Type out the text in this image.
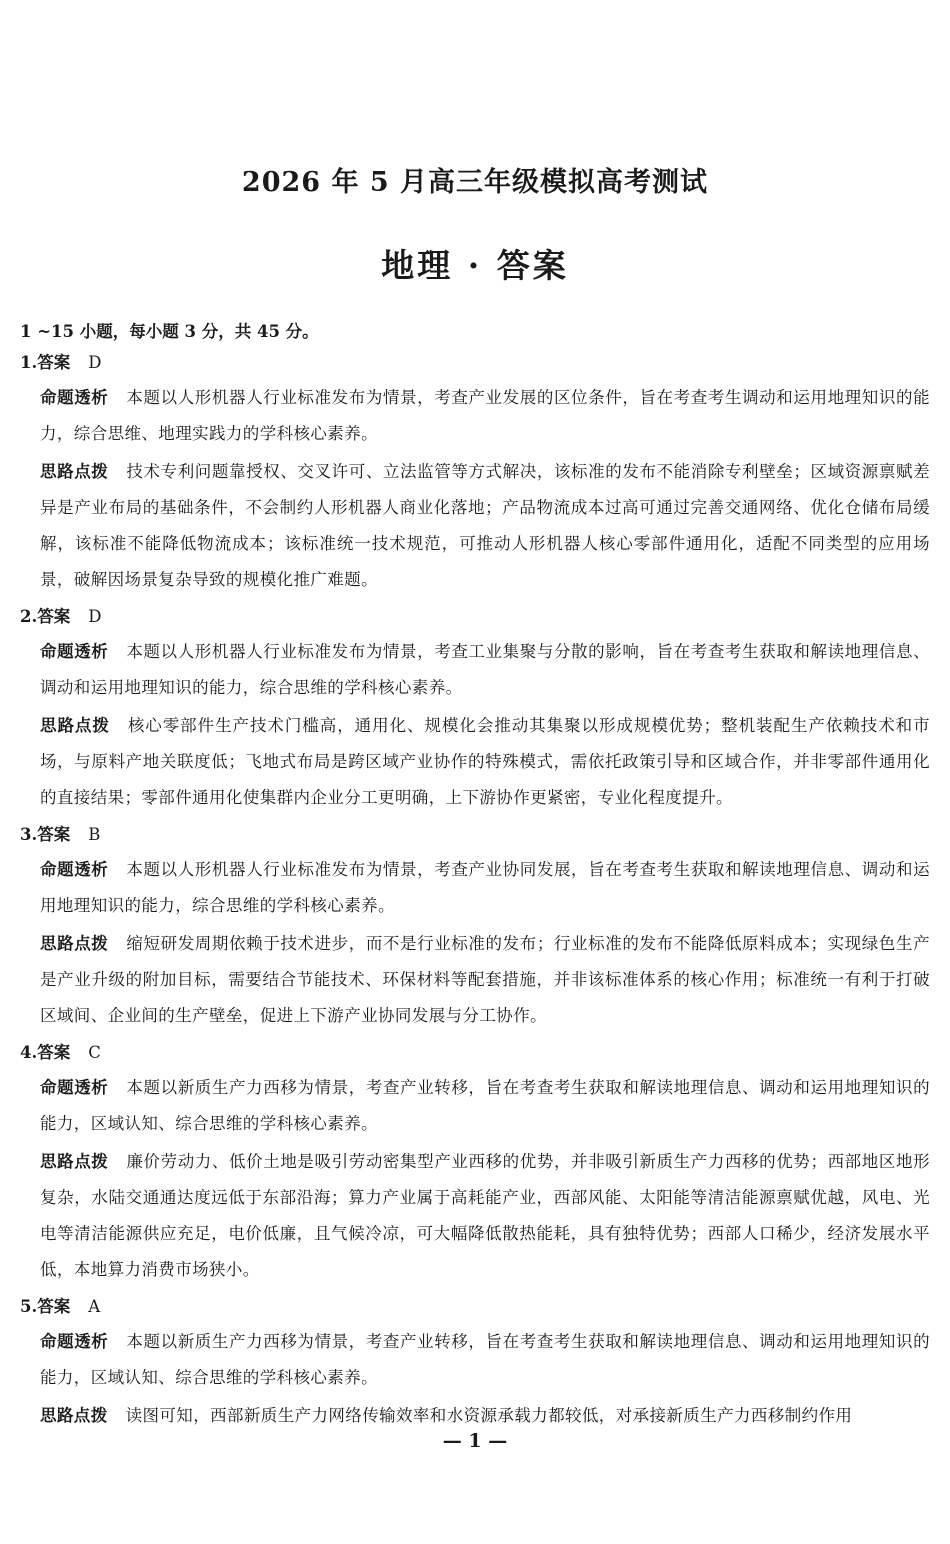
2026 年 5 月高三年级模拟高考测试
地理 · 答案
1 ~15 小题，每小题 3 分，共 45 分。
1.答案 D

命题透析 本题以人形机器人行业标准发布为情景，考查产业发展的区位条件，旨在考查考生调动和运用地理知识的能力，综合思维、地理实践力的学科核心素养。

思路点拨 技术专利问题靠授权、交叉许可、立法监管等方式解决，该标准的发布不能消除专利壁垒；区域资源禀赋差异是产业布局的基础条件，不会制约人形机器人商业化落地；产品物流成本过高可通过完善交通网络、优化仓储布局缓解，该标准不能降低物流成本；该标准统一技术规范，可推动人形机器人核心零部件通用化，适配不同类型的应用场景，破解因场景复杂导致的规模化推广难题。

2.答案 D

命题透析 本题以人形机器人行业标准发布为情景，考查工业集聚与分散的影响，旨在考查考生获取和解读地理信息、调动和运用地理知识的能力，综合思维的学科核心素养。

思路点拨 核心零部件生产技术门槛高，通用化、规模化会推动其集聚以形成规模优势；整机装配生产依赖技术和市场，与原料产地关联度低；飞地式布局是跨区域产业协作的特殊模式，需依托政策引导和区域合作，并非零部件通用化的直接结果；零部件通用化使集群内企业分工更明确，上下游协作更紧密，专业化程度提升。

3.答案 B

命题透析 本题以人形机器人行业标准发布为情景，考查产业协同发展，旨在考查考生获取和解读地理信息、调动和运用地理知识的能力，综合思维的学科核心素养。

思路点拨 缩短研发周期依赖于技术进步，而不是行业标准的发布；行业标准的发布不能降低原料成本；实现绿色生产是产业升级的附加目标，需要结合节能技术、环保材料等配套措施，并非该标准体系的核心作用；标准统一有利于打破区域间、企业间的生产壁垒，促进上下游产业协同发展与分工协作。

4.答案 C

命题透析 本题以新质生产力西移为情景，考查产业转移，旨在考查考生获取和解读地理信息、调动和运用地理知识的能力，区域认知、综合思维的学科核心素养。

思路点拨 廉价劳动力、低价土地是吸引劳动密集型产业西移的优势，并非吸引新质生产力西移的优势；西部地区地形复杂，水陆交通通达度远低于东部沿海；算力产业属于高耗能产业，西部风能、太阳能等清洁能源禀赋优越，风电、光电等清洁能源供应充足，电价低廉，且气候冷凉，可大幅降低散热能耗，具有独特优势；西部人口稀少，经济发展水平低，本地算力消费市场狭小。

5.答案 A

命题透析 本题以新质生产力西移为情景，考查产业转移，旨在考查考生获取和解读地理信息、调动和运用地理知识的能力，区域认知、综合思维的学科核心素养。

思路点拨 读图可知，西部新质生产力网络传输效率和水资源承载力都较低，对承接新质生产力西移制约作用

— 1 —
